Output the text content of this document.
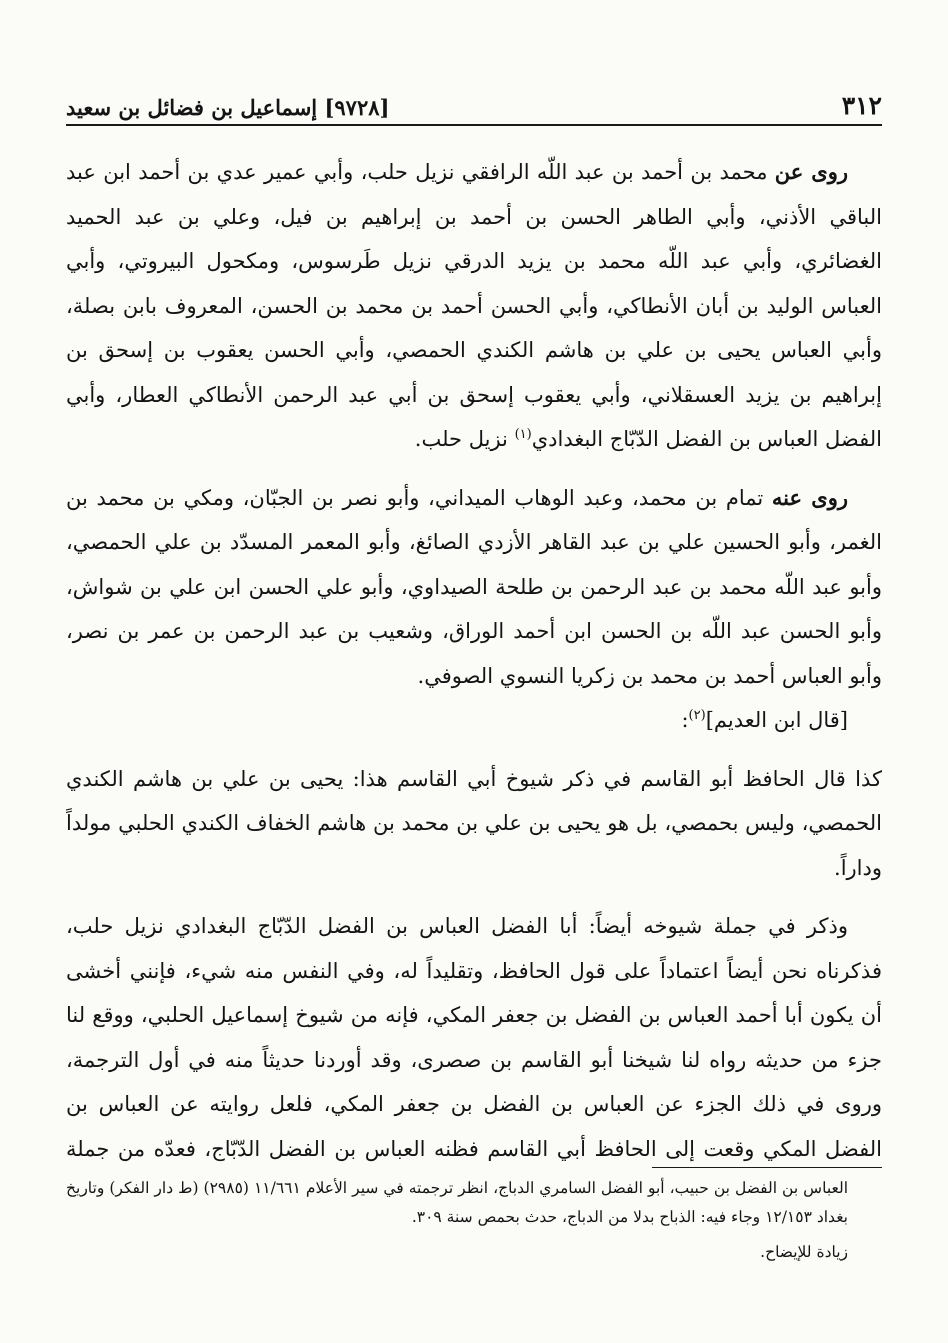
٣١٢
[٩٧٢٨] إسماعيل بن فضائل بن سعيد

روى عن محمد بن أحمد بن عبد اللّه الرافقي نزيل حلب، وأبي عمير عدي بن أحمد ابن عبد الباقي الأذني، وأبي الطاهر الحسن بن أحمد بن إبراهيم بن فيل، وعلي بن عبد الحميد الغضائري، وأبي عبد اللّه محمد بن يزيد الدرقي نزيل طَرسوس، ومكحول البيروتي، وأبي العباس الوليد بن أبان الأنطاكي، وأبي الحسن أحمد بن محمد بن الحسن، المعروف بابن بصلة، وأبي العباس يحيى بن علي بن هاشم الكندي الحمصي، وأبي الحسن يعقوب بن إسحق بن إبراهيم بن يزيد العسقلاني، وأبي يعقوب إسحق بن أبي عبد الرحمن الأنطاكي العطار، وأبي الفضل العباس بن الفضل الدّبّاج البغدادي$^{(١)}$ نزيل حلب.

روى عنه تمام بن محمد، وعبد الوهاب الميداني، وأبو نصر بن الجبّان، ومكي بن محمد بن الغمر، وأبو الحسين علي بن عبد القاهر الأزدي الصائغ، وأبو المعمر المسدّد بن علي الحمصي، وأبو عبد اللّه محمد بن عبد الرحمن بن طلحة الصيداوي، وأبو علي الحسن ابن علي بن شواش، وأبو الحسن عبد اللّه بن الحسن ابن أحمد الوراق، وشعيب بن عبد الرحمن بن عمر بن نصر، وأبو العباس أحمد بن محمد بن زكريا النسوي الصوفي.

[قال ابن العديم]$^{(٢)}$:

كذا قال الحافظ أبو القاسم في ذكر شيوخ أبي القاسم هذا: يحيى بن علي بن هاشم الكندي الحمصي، وليس بحمصي، بل هو يحيى بن علي بن محمد بن هاشم الخفاف الكندي الحلبي مولداً وداراً.

وذكر في جملة شيوخه أيضاً: أبا الفضل العباس بن الفضل الدّبّاج البغدادي نزيل حلب، فذكرناه نحن أيضاً اعتماداً على قول الحافظ، وتقليداً له، وفي النفس منه شيء، فإنني أخشى أن يكون أبا أحمد العباس بن الفضل بن جعفر المكي، فإنه من شيوخ إسماعيل الحلبي، ووقع لنا جزء من حديثه رواه لنا شيخنا أبو القاسم بن صصرى، وقد أوردنا حديثاً منه في أول الترجمة، وروى في ذلك الجزء عن العباس بن الفضل بن جعفر المكي، فلعل روايته عن العباس بن الفضل المكي وقعت إلى الحافظ أبي القاسم فظنه العباس بن الفضل الدّبّاج، فعدّه من جملة

العباس بن الفضل بن حبيب، أبو الفضل السامري الدباج، انظر ترجمته في سير الأعلام ١١/٦٦١ (٢٩٨٥) (ط دار الفكر) وتاريخ بغداد ١٢/١٥٣ وجاء فيه: الذباح بدلا من الدباج، حدث بحمص سنة ٣٠٩.

زيادة للإيضاح.
